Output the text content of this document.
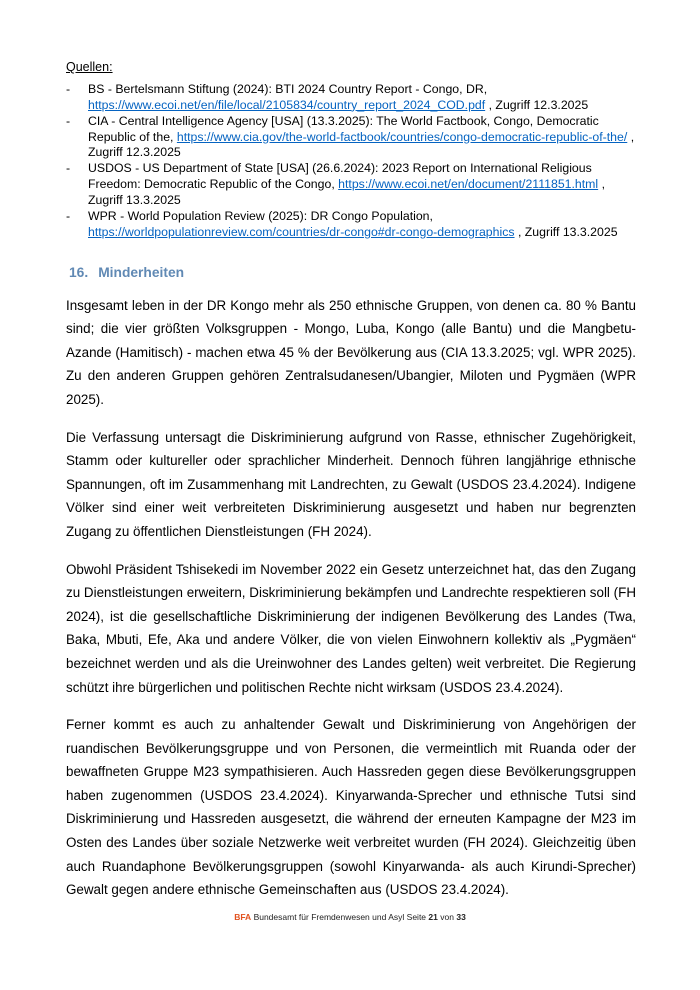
Quellen:
-	BS - Bertelsmann Stiftung (2024): BTI 2024 Country Report - Congo, DR, https://www.ecoi.net/en/file/local/2105834/country_report_2024_COD.pdf , Zugriff 12.3.2025
-	CIA - Central Intelligence Agency [USA] (13.3.2025): The World Factbook, Congo, Democratic Republic of the, https://www.cia.gov/the-world-factbook/countries/congo-democratic-republic-of-the/ , Zugriff 12.3.2025
-	USDOS - US Department of State [USA] (26.6.2024): 2023 Report on International Religious Freedom: Democratic Republic of the Congo, https://www.ecoi.net/en/document/2111851.html , Zugriff 13.3.2025
-	WPR - World Population Review (2025): DR Congo Population, https://worldpopulationreview.com/countries/dr-congo#dr-congo-demographics , Zugriff 13.3.2025
16. Minderheiten

Insgesamt leben in der DR Kongo mehr als 250 ethnische Gruppen, von denen ca. 80 % Bantu sind; die vier größten Volksgruppen - Mongo, Luba, Kongo (alle Bantu) und die Mangbetu-Azande (Hamitisch) - machen etwa 45 % der Bevölkerung aus (CIA 13.3.2025; vgl. WPR 2025). Zu den anderen Gruppen gehören Zentralsudanesen/Ubangier, Miloten und Pygmäen (WPR 2025).

Die Verfassung untersagt die Diskriminierung aufgrund von Rasse, ethnischer Zugehörigkeit, Stamm oder kultureller oder sprachlicher Minderheit. Dennoch führen langjährige ethnische Spannungen, oft im Zusammenhang mit Landrechten, zu Gewalt (USDOS 23.4.2024). Indigene Völker sind einer weit verbreiteten Diskriminierung ausgesetzt und haben nur begrenzten Zugang zu öffentlichen Dienstleistungen (FH 2024).

Obwohl Präsident Tshisekedi im November 2022 ein Gesetz unterzeichnet hat, das den Zugang zu Dienstleistungen erweitern, Diskriminierung bekämpfen und Landrechte respektieren soll (FH 2024), ist die gesellschaftliche Diskriminierung der indigenen Bevölkerung des Landes (Twa, Baka, Mbuti, Efe, Aka und andere Völker, die von vielen Einwohnern kollektiv als „Pygmäen“ bezeichnet werden und als die Ureinwohner des Landes gelten) weit verbreitet. Die Regierung schützt ihre bürgerlichen und politischen Rechte nicht wirksam (USDOS 23.4.2024).

Ferner kommt es auch zu anhaltender Gewalt und Diskriminierung von Angehörigen der ruandischen Bevölkerungsgruppe und von Personen, die vermeintlich mit Ruanda oder der bewaffneten Gruppe M23 sympathisieren. Auch Hassreden gegen diese Bevölkerungsgruppen haben zugenommen (USDOS 23.4.2024). Kinyarwanda-Sprecher und ethnische Tutsi sind Diskriminierung und Hassreden ausgesetzt, die während der erneuten Kampagne der M23 im Osten des Landes über soziale Netzwerke weit verbreitet wurden (FH 2024). Gleichzeitig üben auch Ruandaphone Bevölkerungsgruppen (sowohl Kinyarwanda- als auch Kirundi-Sprecher) Gewalt gegen andere ethnische Gemeinschaften aus (USDOS 23.4.2024).

BFA Bundesamt für Fremdenwesen und Asyl Seite 21 von 33
